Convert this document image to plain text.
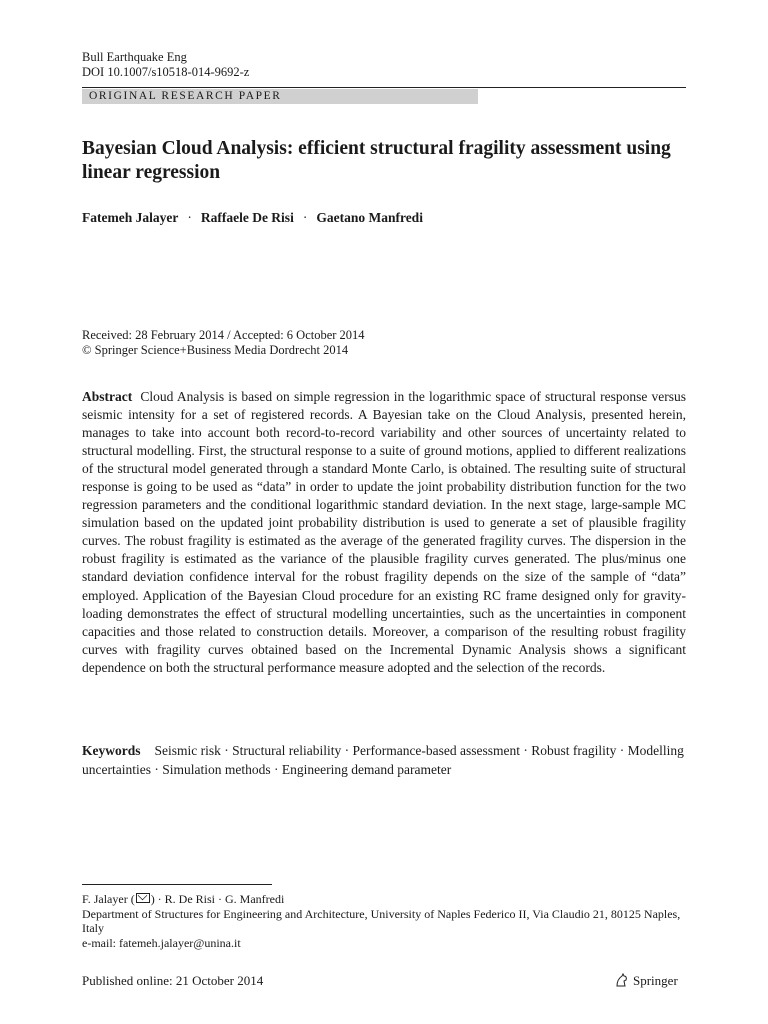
Bull Earthquake Eng
DOI 10.1007/s10518-014-9692-z
ORIGINAL RESEARCH PAPER
Bayesian Cloud Analysis: efficient structural fragility assessment using linear regression
Fatemeh Jalayer · Raffaele De Risi · Gaetano Manfredi
Received: 28 February 2014 / Accepted: 6 October 2014
© Springer Science+Business Media Dordrecht 2014
Abstract Cloud Analysis is based on simple regression in the logarithmic space of structural response versus seismic intensity for a set of registered records. A Bayesian take on the Cloud Analysis, presented herein, manages to take into account both record-to-record variability and other sources of uncertainty related to structural modelling. First, the structural response to a suite of ground motions, applied to different realizations of the structural model generated through a standard Monte Carlo, is obtained. The resulting suite of structural response is going to be used as “data” in order to update the joint probability distribution function for the two regression parameters and the conditional logarithmic standard deviation. In the next stage, large-sample MC simulation based on the updated joint probability distribution is used to generate a set of plausible fragility curves. The robust fragility is estimated as the average of the generated fragility curves. The dispersion in the robust fragility is estimated as the variance of the plausible fragility curves generated. The plus/minus one standard deviation confidence interval for the robust fragility depends on the size of the sample of “data” employed. Application of the Bayesian Cloud procedure for an existing RC frame designed only for gravity-loading demonstrates the effect of structural modelling uncertainties, such as the uncertainties in component capacities and those related to construction details. Moreover, a comparison of the resulting robust fragility curves with fragility curves obtained based on the Incremental Dynamic Analysis shows a significant dependence on both the structural performance measure adopted and the selection of the records.
Keywords Seismic risk · Structural reliability · Performance-based assessment · Robust fragility · Modelling uncertainties · Simulation methods · Engineering demand parameter
F. Jalayer ( ) · R. De Risi · G. Manfredi
Department of Structures for Engineering and Architecture, University of Naples Federico II, Via Claudio 21, 80125 Naples, Italy
e-mail: fatemeh.jalayer@unina.it
Published online: 21 October 2014	Springer
